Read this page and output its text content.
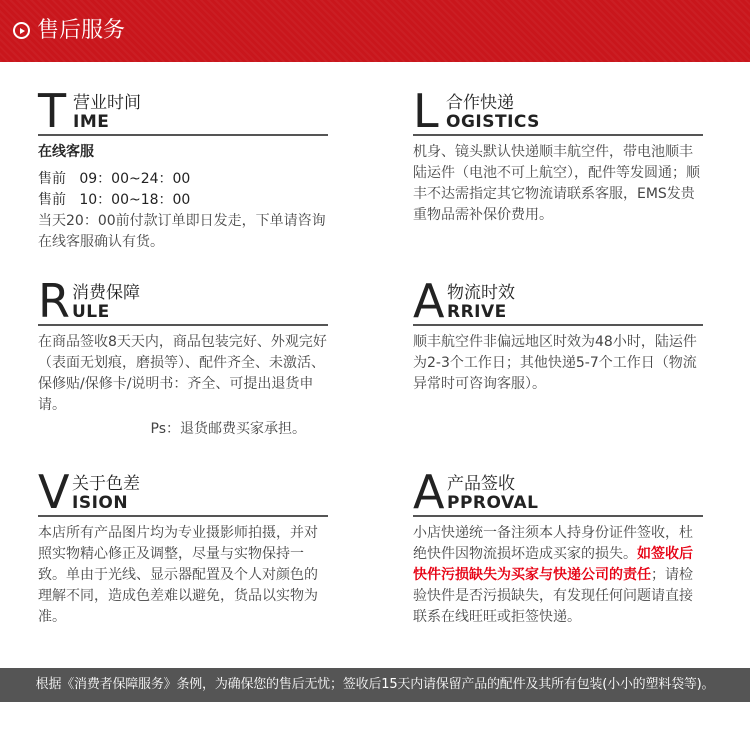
售后服务
T 营业时间
IME

在线客服

售前   09：00~24：00

售前   10：00~18：00

当天20：00前付款订单即日发走，下单请咨询在线客服确认有货。

L 合作快递
OGISTICS

机身、镜头默认快递顺丰航空件，带电池顺丰陆运件（电池不可上航空），配件等发圆通；顺丰不达需指定其它物流请联系客服，EMS发贵重物品需补保价费用。

R 消费保障
ULE

在商品签收8天天内，商品包装完好、外观完好（表面无划痕，磨损等）、配件齐全、未激活、保修贴/保修卡/说明书：齐全、可提出退货申请。

Ps：退货邮费买家承担。

A 物流时效
RRIVE

顺丰航空件非偏远地区时效为48小时，陆运件为2-3个工作日；其他快递5-7个工作日（物流异常时可咨询客服）。

V 关于色差
ISION

本店所有产品图片均为专业摄影师拍摄，并对照实物精心修正及调整，尽量与实物保持一致。单由于光线、显示器配置及个人对颜色的理解不同，造成色差难以避免，货品以实物为准。

A 产品签收
PPROVAL

小店快递统一备注须本人持身份证件签收，杜绝快件因物流损坏造成买家的损失。如签收后快件污损缺失为买家与快递公司的责任；请检验快件是否污损缺失，有发现任何问题请直接联系在线旺旺或拒签快递。

根据《消费者保障服务》条例，为确保您的售后无忧；签收后15天内请保留产品的配件及其所有包装(小小的塑料袋等)。
